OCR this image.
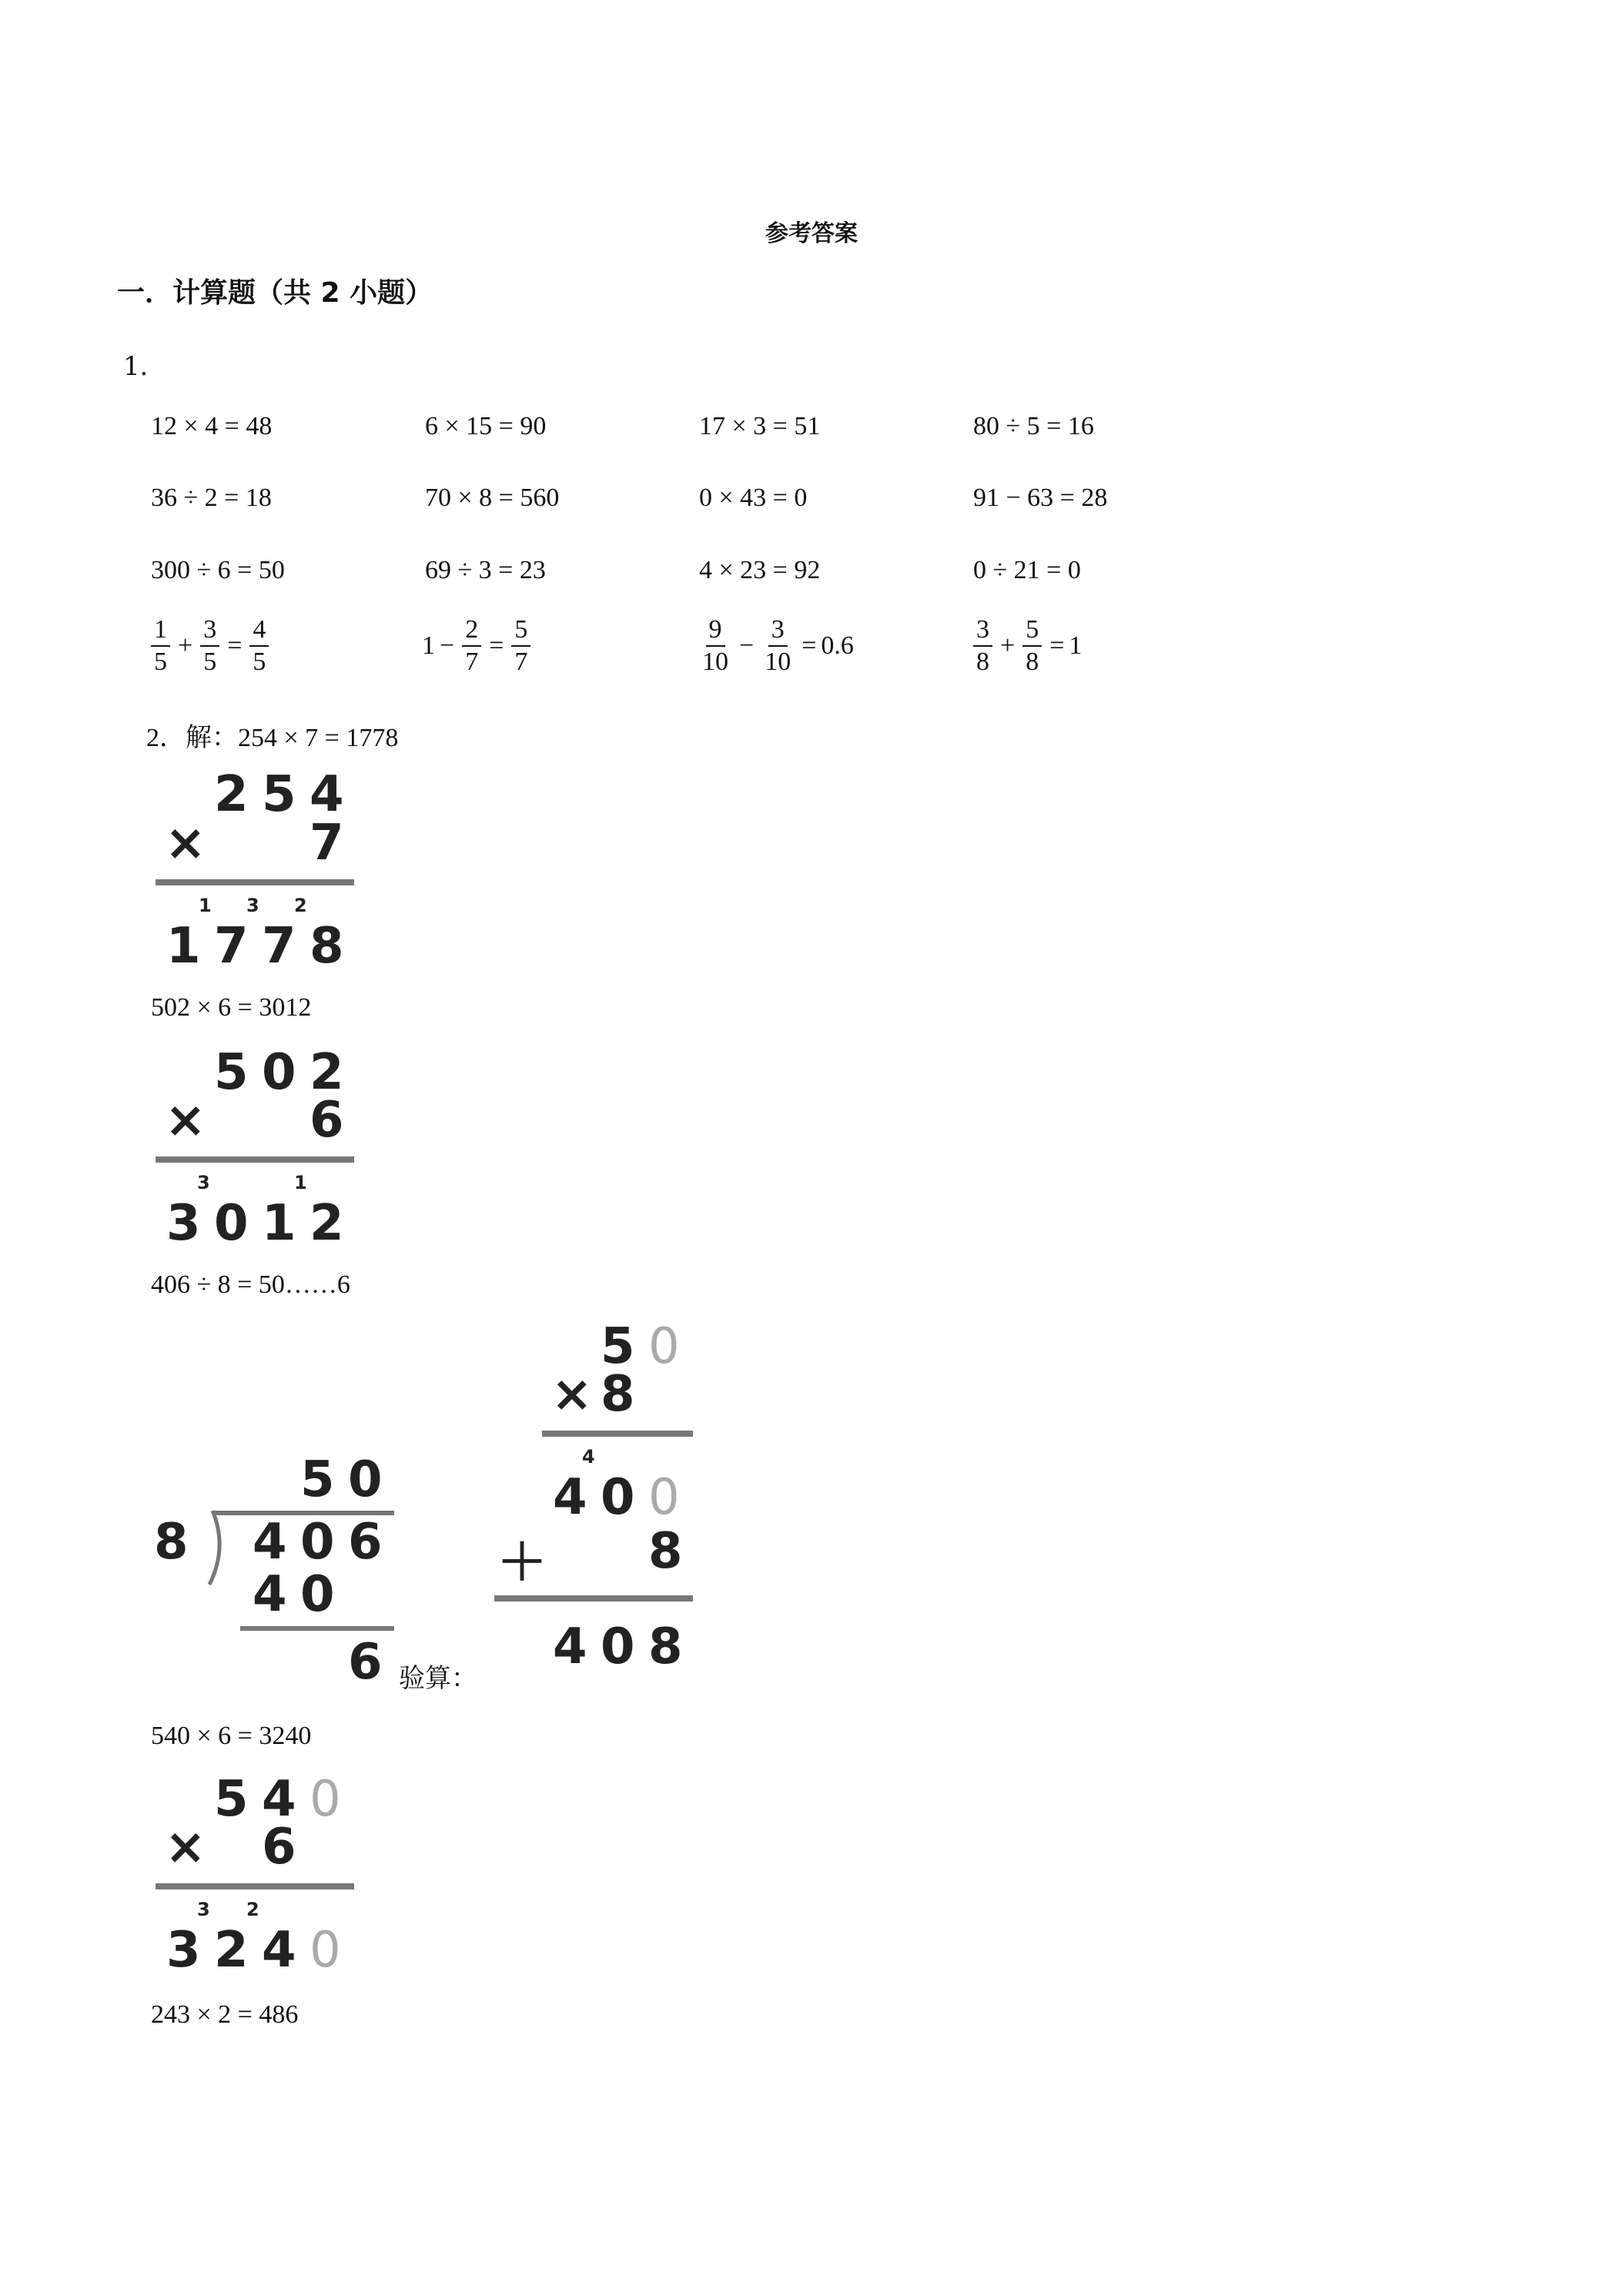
参考答案
一．计算题（共 2 小题）
1．
12 × 4 = 48	6 × 15 = 90	17 × 3 = 51	80 ÷ 5 = 16
36 ÷ 2 = 18	70 × 8 = 560	0 × 43 = 0	91 − 63 = 28
300 ÷ 6 = 50	69 ÷ 3 = 23	4 × 23 = 92	0 ÷ 21 = 0
$\frac{1}{5} + \frac{3}{5} = \frac{4}{5}$	$1 - \frac{2}{7} = \frac{5}{7}$	$\frac{9}{10} - \frac{3}{10} = 0.6$	$\frac{3}{8} + \frac{5}{8} = 1$
2．解：254 × 7 = 1778
2 5 4
× 7
1 3 2
1 7 7 8
502 × 6 = 3012
5 0 2
× 6
3	1
3 0 1 2
406 ÷ 8 = 50……6
5 0
8 4 0 6
4 0
6 验算：
5 0
× 8
4
4 0 0
＋ 8
4 0 8
540 × 6 = 3240
5 4 0
× 6
3 2
3 2 4 0
243 × 2 = 486
